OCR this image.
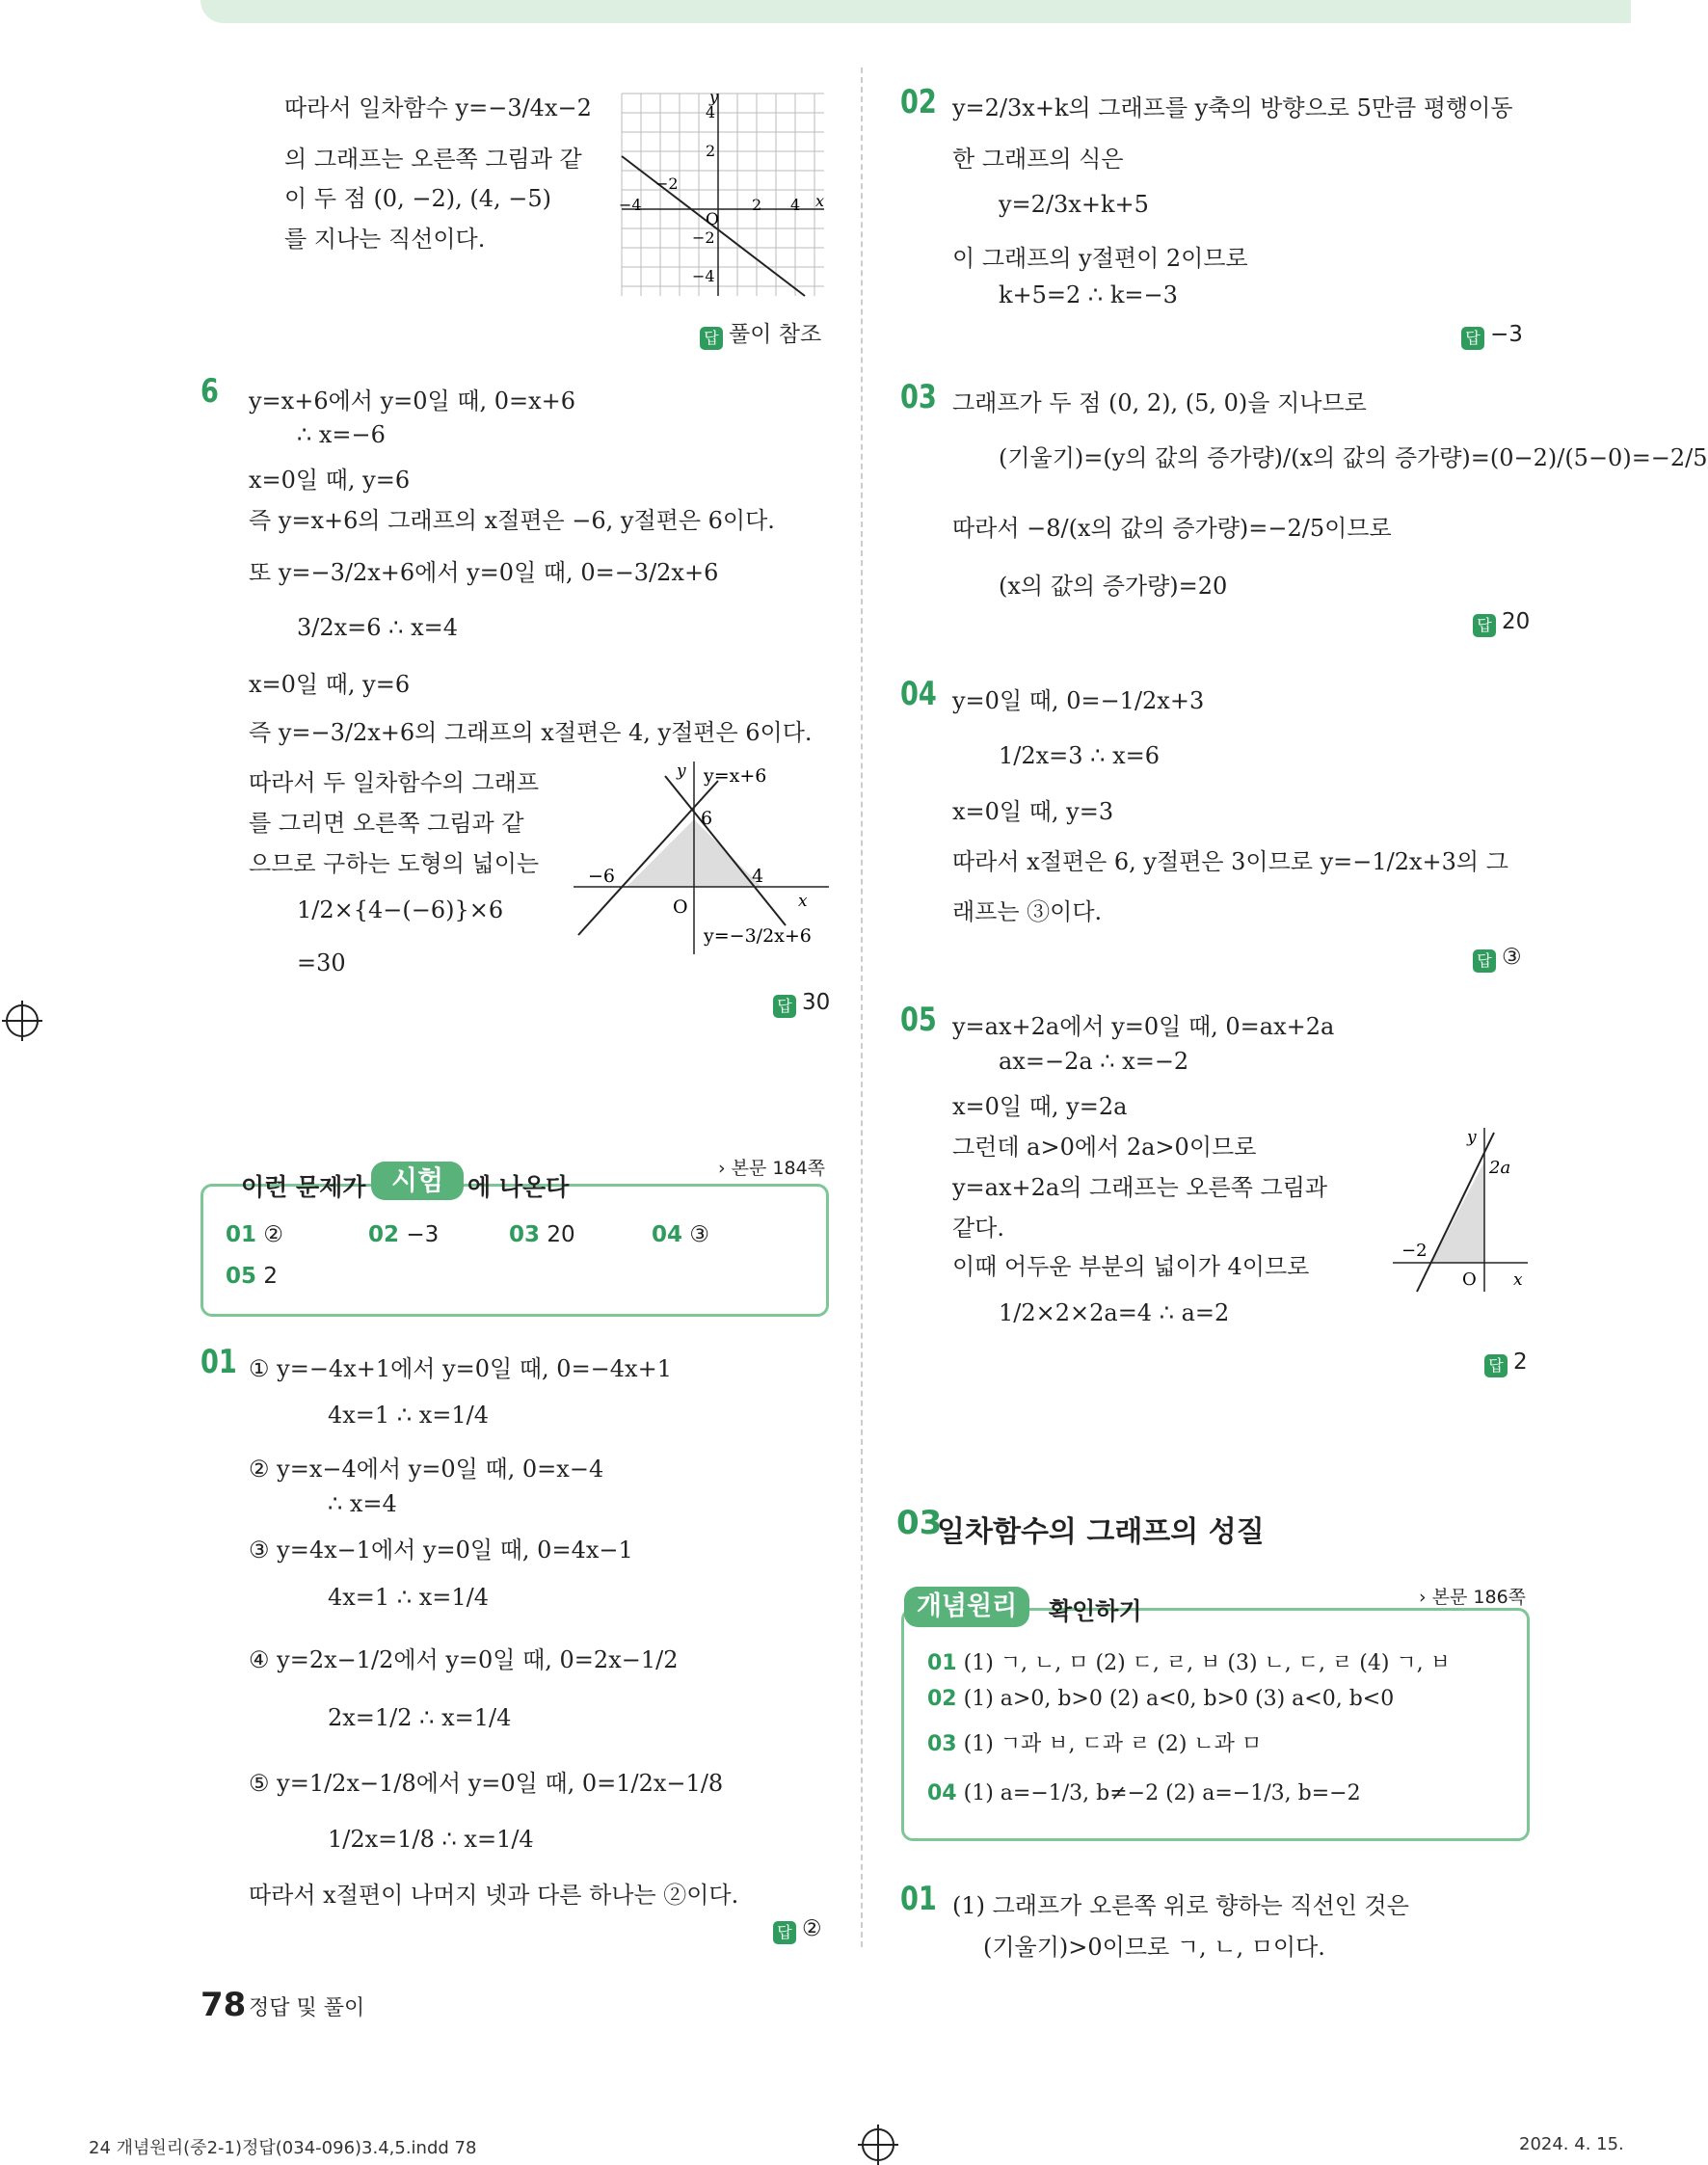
따라서 일차함수 y=−3/4x−2
의 그래프는 오른쪽 그림과 같
이 두 점 (0, −2), (4, −5)
를 지나는 직선이다.
y
x
O
4
2
−2
−4
−4	2 4
−2
답 풀이 참조
6 y=x+6에서 y=0일 때, 0=x+6
∴ x=−6
x=0일 때, y=6
즉 y=x+6의 그래프의 x절편은 −6, y절편은 6이다.
또 y=−3/2x+6에서 y=0일 때, 0=−3/2x+6
3/2x=6 ∴ x=4
x=0일 때, y=6
즉 y=−3/2x+6의 그래프의 x절편은 4, y절편은 6이다.
따라서 두 일차함수의 그래프
를 그리면 오른쪽 그림과 같
으므로 구하는 도형의 넓이는
1/2×{4−(−6)}×6
=30
y
x
y=x+6
y=−3/2x+6
O
6
−6	4
답 30
이런 문제가 시험 에 나온다
› 본문 184쪽
01 ②	02 −3	03 20	04 ③
05 2
01 ① y=−4x+1에서 y=0일 때, 0=−4x+1
4x=1 ∴ x=1/4
② y=x−4에서 y=0일 때, 0=x−4
∴ x=4
③ y=4x−1에서 y=0일 때, 0=4x−1
4x=1 ∴ x=1/4
④ y=2x−1/2에서 y=0일 때, 0=2x−1/2
2x=1/2 ∴ x=1/4
⑤ y=1/2x−1/8에서 y=0일 때, 0=1/2x−1/8
1/2x=1/8 ∴ x=1/4
따라서 x절편이 나머지 넷과 다른 하나는 ②이다.
답 ②
78 정답 및 풀이
02 y=2/3x+k의 그래프를 y축의 방향으로 5만큼 평행이동
한 그래프의 식은
y=2/3x+k+5
이 그래프의 y절편이 2이므로
k+5=2 ∴ k=−3
답 −3
03 그래프가 두 점 (0, 2), (5, 0)을 지나므로
(기울기)=(y의 값의 증가량)/(x의 값의 증가량)=(0−2)/(5−0)=−2/5
따라서 −8/(x의 값의 증가량)=−2/5이므로
(x의 값의 증가량)=20
답 20
04 y=0일 때, 0=−1/2x+3
1/2x=3 ∴ x=6
x=0일 때, y=3
따라서 x절편은 6, y절편은 3이므로 y=−1/2x+3의 그
래프는 ③이다.
답 ③
05 y=ax+2a에서 y=0일 때, 0=ax+2a
ax=−2a ∴ x=−2
x=0일 때, y=2a
그런데 a>0에서 2a>0이므로
y=ax+2a의 그래프는 오른쪽 그림과
같다.
이때 어두운 부분의 넓이가 4이므로
1/2×2×2a=4 ∴ a=2
y
x
2a
−2
O
답 2
03
일차함수의 그래프의 성질
개념원리	확인하기	› 본문 186쪽
01 (1) ㄱ, ㄴ, ㅁ (2) ㄷ, ㄹ, ㅂ (3) ㄴ, ㄷ, ㄹ (4) ㄱ, ㅂ
02 (1) a>0, b>0 (2) a<0, b>0 (3) a<0, b<0
03 (1) ㄱ과 ㅂ, ㄷ과 ㄹ (2) ㄴ과 ㅁ
04 (1) a=−1/3, b≠−2 (2) a=−1/3, b=−2
01 (1) 그래프가 오른쪽 위로 향하는 직선인 것은
(기울기)>0이므로 ㄱ, ㄴ, ㅁ이다.
24 개념원리(중2-1)정답(034-096)3.4,5.indd 78	2024. 4. 15.
